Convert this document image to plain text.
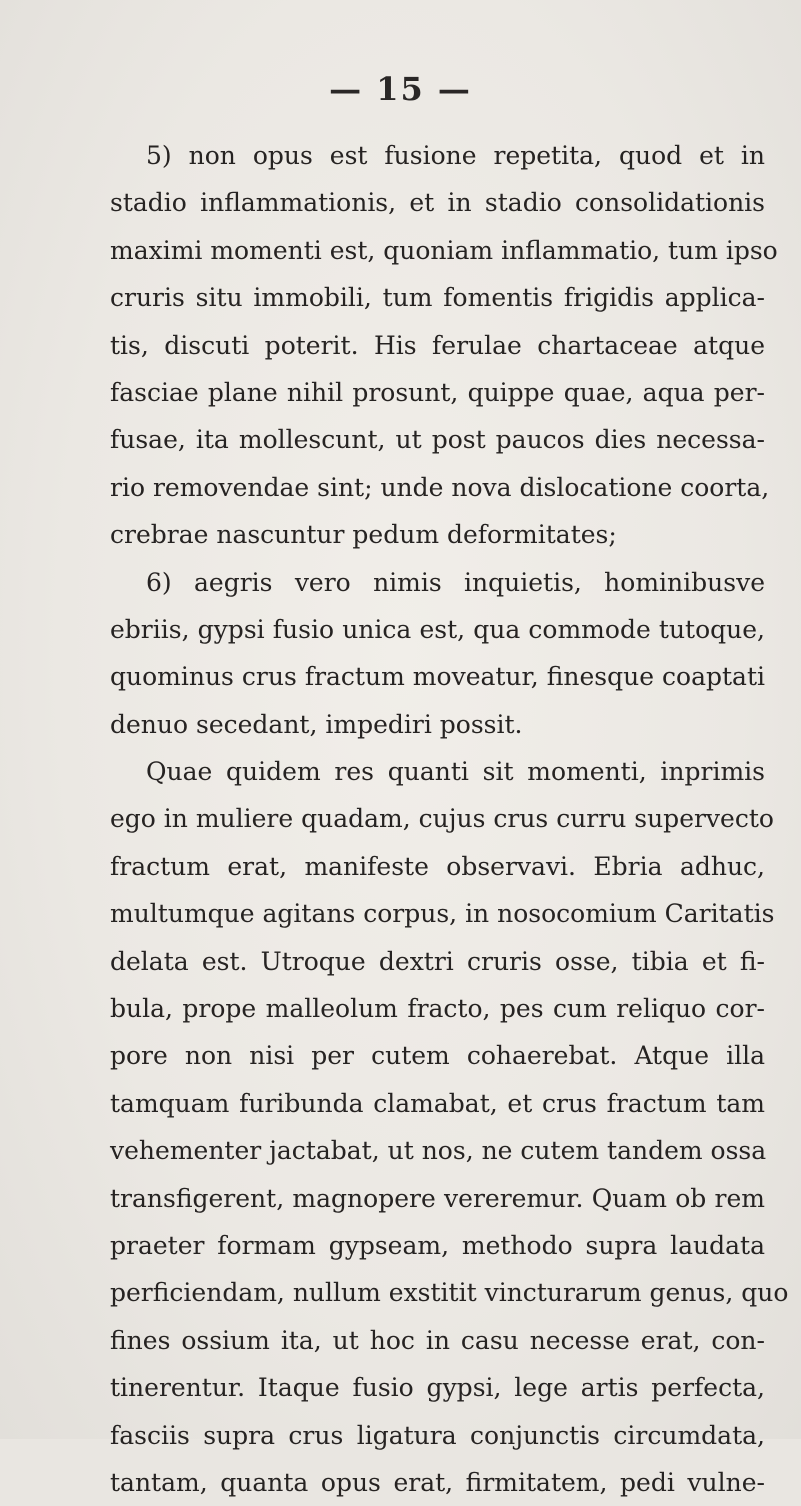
— 15 —
5) non opus est fusione repetita, quod et in
stadio inflammationis, et in stadio consolidationis
maximi momenti est, quoniam inflammatio, tum ipso
cruris situ immobili, tum fomentis frigidis applica-
tis, discuti poterit. His ferulae chartaceae atque
fasciae plane nihil prosunt, quippe quae, aqua per-
fusae, ita mollescunt, ut post paucos dies necessa-
rio removendae sint; unde nova dislocatione coorta,
crebrae nascuntur pedum deformitates;
6) aegris vero nimis inquietis, hominibusve
ebriis, gypsi fusio unica est, qua commode tutoque,
quominus crus fractum moveatur, finesque coaptati
denuo secedant, impediri possit.
Quae quidem res quanti sit momenti, inprimis
ego in muliere quadam, cujus crus curru supervecto
fractum erat, manifeste observavi. Ebria adhuc,
multumque agitans corpus, in nosocomium Caritatis
delata est. Utroque dextri cruris osse, tibia et fi-
bula, prope malleolum fracto, pes cum reliquo cor-
pore non nisi per cutem cohaerebat. Atque illa
tamquam furibunda clamabat, et crus fractum tam
vehementer jactabat, ut nos, ne cutem tandem ossa
transfigerent, magnopere vereremur. Quam ob rem
praeter formam gypseam, methodo supra laudata
perficiendam, nullum exstitit vincturarum genus, quo
fines ossium ita, ut hoc in casu necesse erat, con-
tinerentur. Itaque fusio gypsi, lege artis perfecta,
fasciis supra crus ligatura conjunctis circumdata,
tantam, quanta opus erat, firmitatem, pedi vulne-
